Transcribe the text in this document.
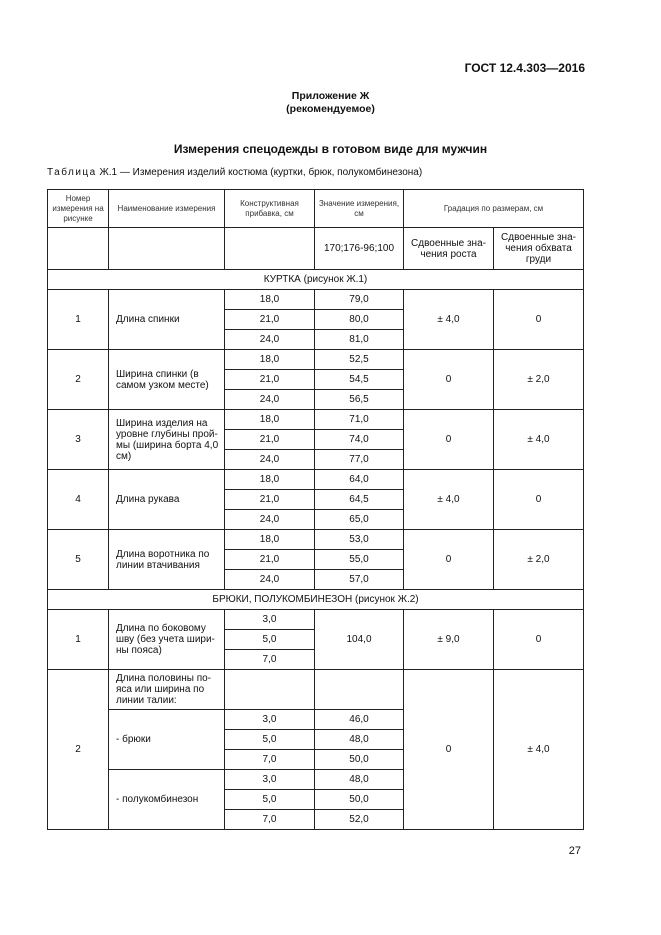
ГОСТ 12.4.303—2016
Приложение Ж
(рекомендуемое)
Измерения спецодежды в готовом виде для мужчин
Таблица Ж.1 — Измерения изделий костюма (куртки, брюк, полукомбинезона)
Номер измерения на рисунке	Наименование измерения	Конструктивная прибавка, см	Значение измерения, см	Градация по размерам, см	
			170;176-96;100	Сдвоенные зна-чения роста	Сдвоенные зна-чения обхвата груди
КУРТКА (рисунок Ж.1)					
1	Длина спинки	18,0	79,0	± 4,0	0
		21,0	80,0		
		24,0	81,0		
2	Ширина спинки (в самом узком месте)	18,0	52,5	0	± 2,0
		21,0	54,5		
		24,0	56,5		
3	Ширина изделия на уровне глубины прой-мы (ширина борта 4,0 см)	18,0	71,0	0	± 4,0
		21,0	74,0		
		24,0	77,0		
4	Длина рукава	18,0	64,0	± 4,0	0
		21,0	64,5		
		24,0	65,0		
5	Длина воротника по линии втачивания	18,0	53,0	0	± 2,0
		21,0	55,0		
		24,0	57,0		
БРЮКИ, ПОЛУКОМБИНЕЗОН (рисунок Ж.2)					
1	Длина по боковому шву (без учета шири-ны пояса)	3,0	104,0	± 9,0	0
		5,0			
		7,0			
2	Длина половины по-яса или ширина по линии талии:			0	± 4,0
	- брюки	3,0	46,0		
		5,0	48,0		
		7,0	50,0		
	- полукомбинезон	3,0	48,0		
		5,0	50,0		
		7,0	52,0		
27
